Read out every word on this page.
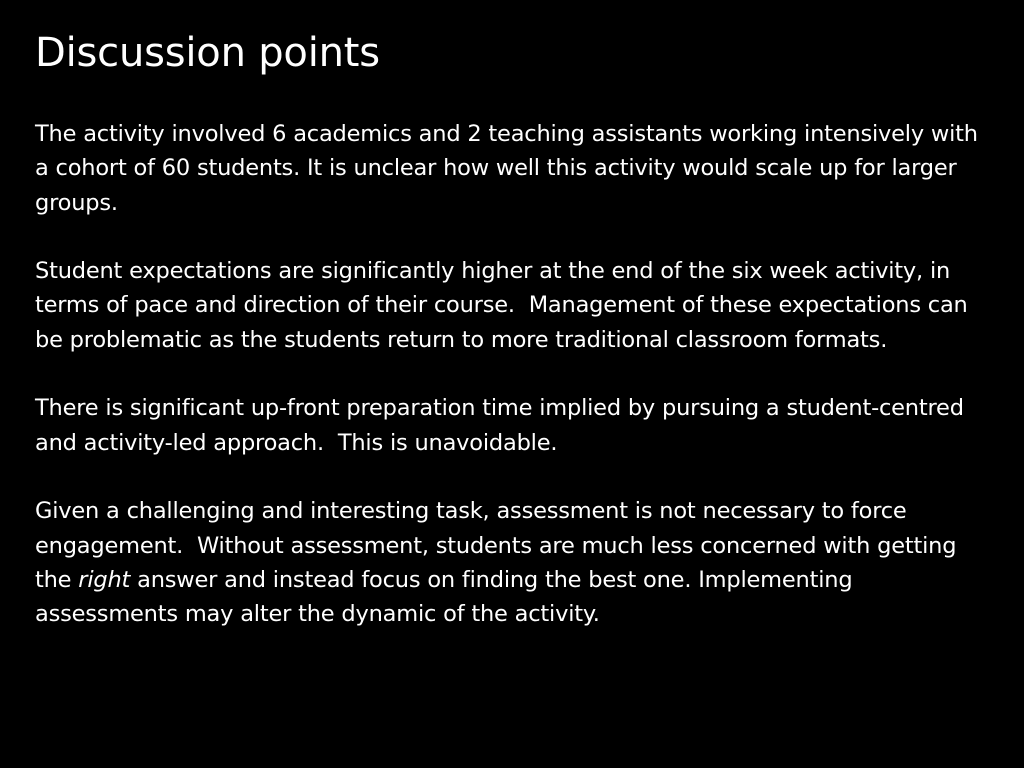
Discussion points

The activity involved 6 academics and 2 teaching assistants working intensively with a cohort of 60 students. It is unclear how well this activity would scale up for larger groups.

Student expectations are significantly higher at the end of the six week activity, in terms of pace and direction of their course.  Management of these expectations can be problematic as the students return to more traditional classroom formats.

There is significant up-front preparation time implied by pursuing a student-centred and activity-led approach.  This is unavoidable.

Given a challenging and interesting task, assessment is not necessary to force engagement.  Without assessment, students are much less concerned with getting the right answer and instead focus on finding the best one. Implementing assessments may alter the dynamic of the activity.
